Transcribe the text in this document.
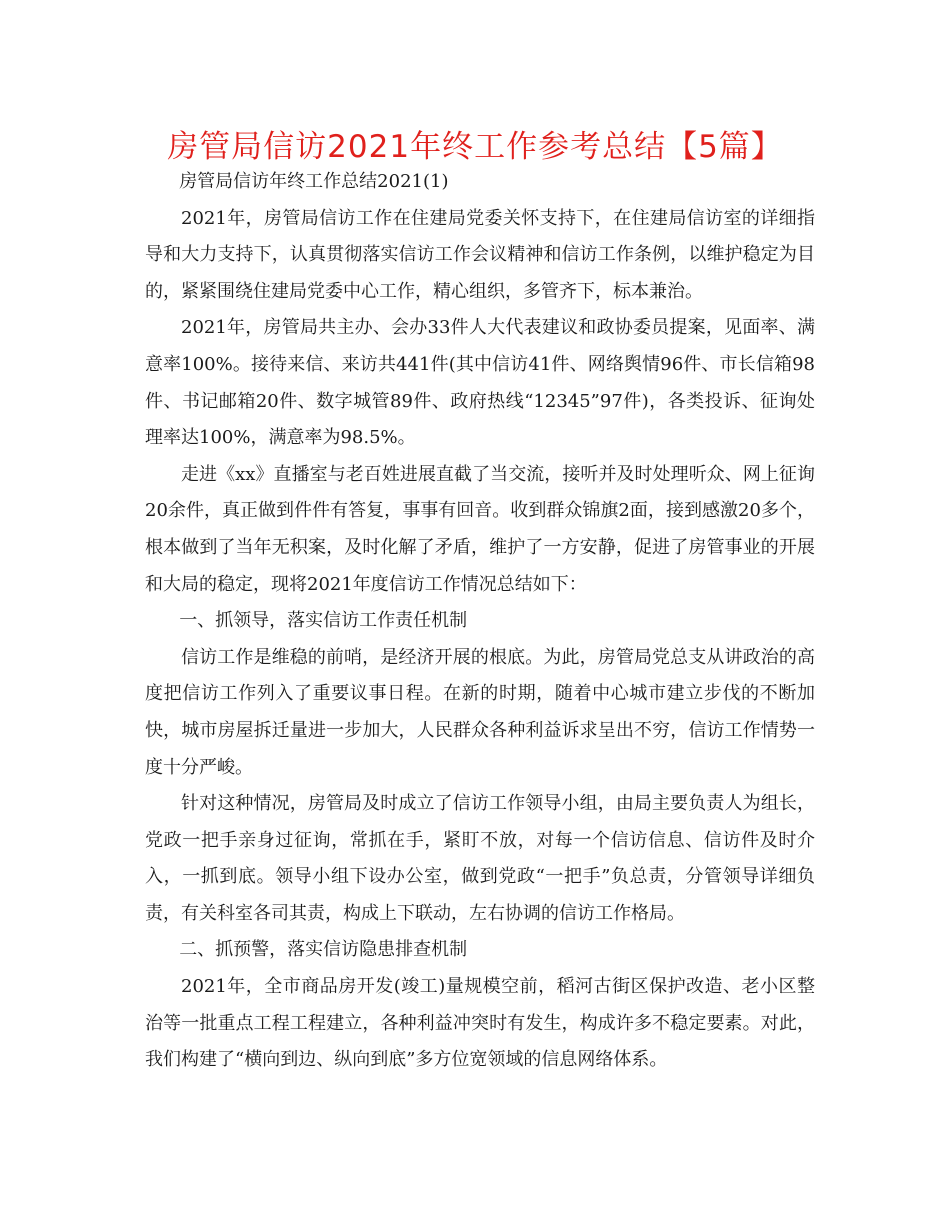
房管局信访2021年终工作参考总结【5篇】

房管局信访年终工作总结2021(1)

2021年，房管局信访工作在住建局党委关怀支持下，在住建局信访室的详细指导和大力支持下，认真贯彻落实信访工作会议精神和信访工作条例，以维护稳定为目的，紧紧围绕住建局党委中心工作，精心组织，多管齐下，标本兼治。

2021年，房管局共主办、会办33件人大代表建议和政协委员提案，见面率、满意率100%。接待来信、来访共441件(其中信访41件、网络舆情96件、市长信箱98件、书记邮箱20件、数字城管89件、政府热线“12345”97件)，各类投诉、征询处理率达100%，满意率为98.5%。

走进《xx》直播室与老百姓进展直截了当交流，接听并及时处理听众、网上征询20余件，真正做到件件有答复，事事有回音。收到群众锦旗2面，接到感激20多个，根本做到了当年无积案，及时化解了矛盾，维护了一方安静，促进了房管事业的开展和大局的稳定，现将2021年度信访工作情况总结如下：

一、抓领导，落实信访工作责任机制

信访工作是维稳的前哨，是经济开展的根底。为此，房管局党总支从讲政治的高度把信访工作列入了重要议事日程。在新的时期，随着中心城市建立步伐的不断加快，城市房屋拆迁量进一步加大，人民群众各种利益诉求呈出不穷，信访工作情势一度十分严峻。

针对这种情况，房管局及时成立了信访工作领导小组，由局主要负责人为组长，党政一把手亲身过征询，常抓在手，紧盯不放，对每一个信访信息、信访件及时介入，一抓到底。领导小组下设办公室，做到党政“一把手”负总责，分管领导详细负责，有关科室各司其责，构成上下联动，左右协调的信访工作格局。

二、抓预警，落实信访隐患排查机制

2021年，全市商品房开发(竣工)量规模空前，稻河古街区保护改造、老小区整治等一批重点工程工程建立，各种利益冲突时有发生，构成许多不稳定要素。对此，我们构建了“横向到边、纵向到底”多方位宽领域的信息网络体系。
